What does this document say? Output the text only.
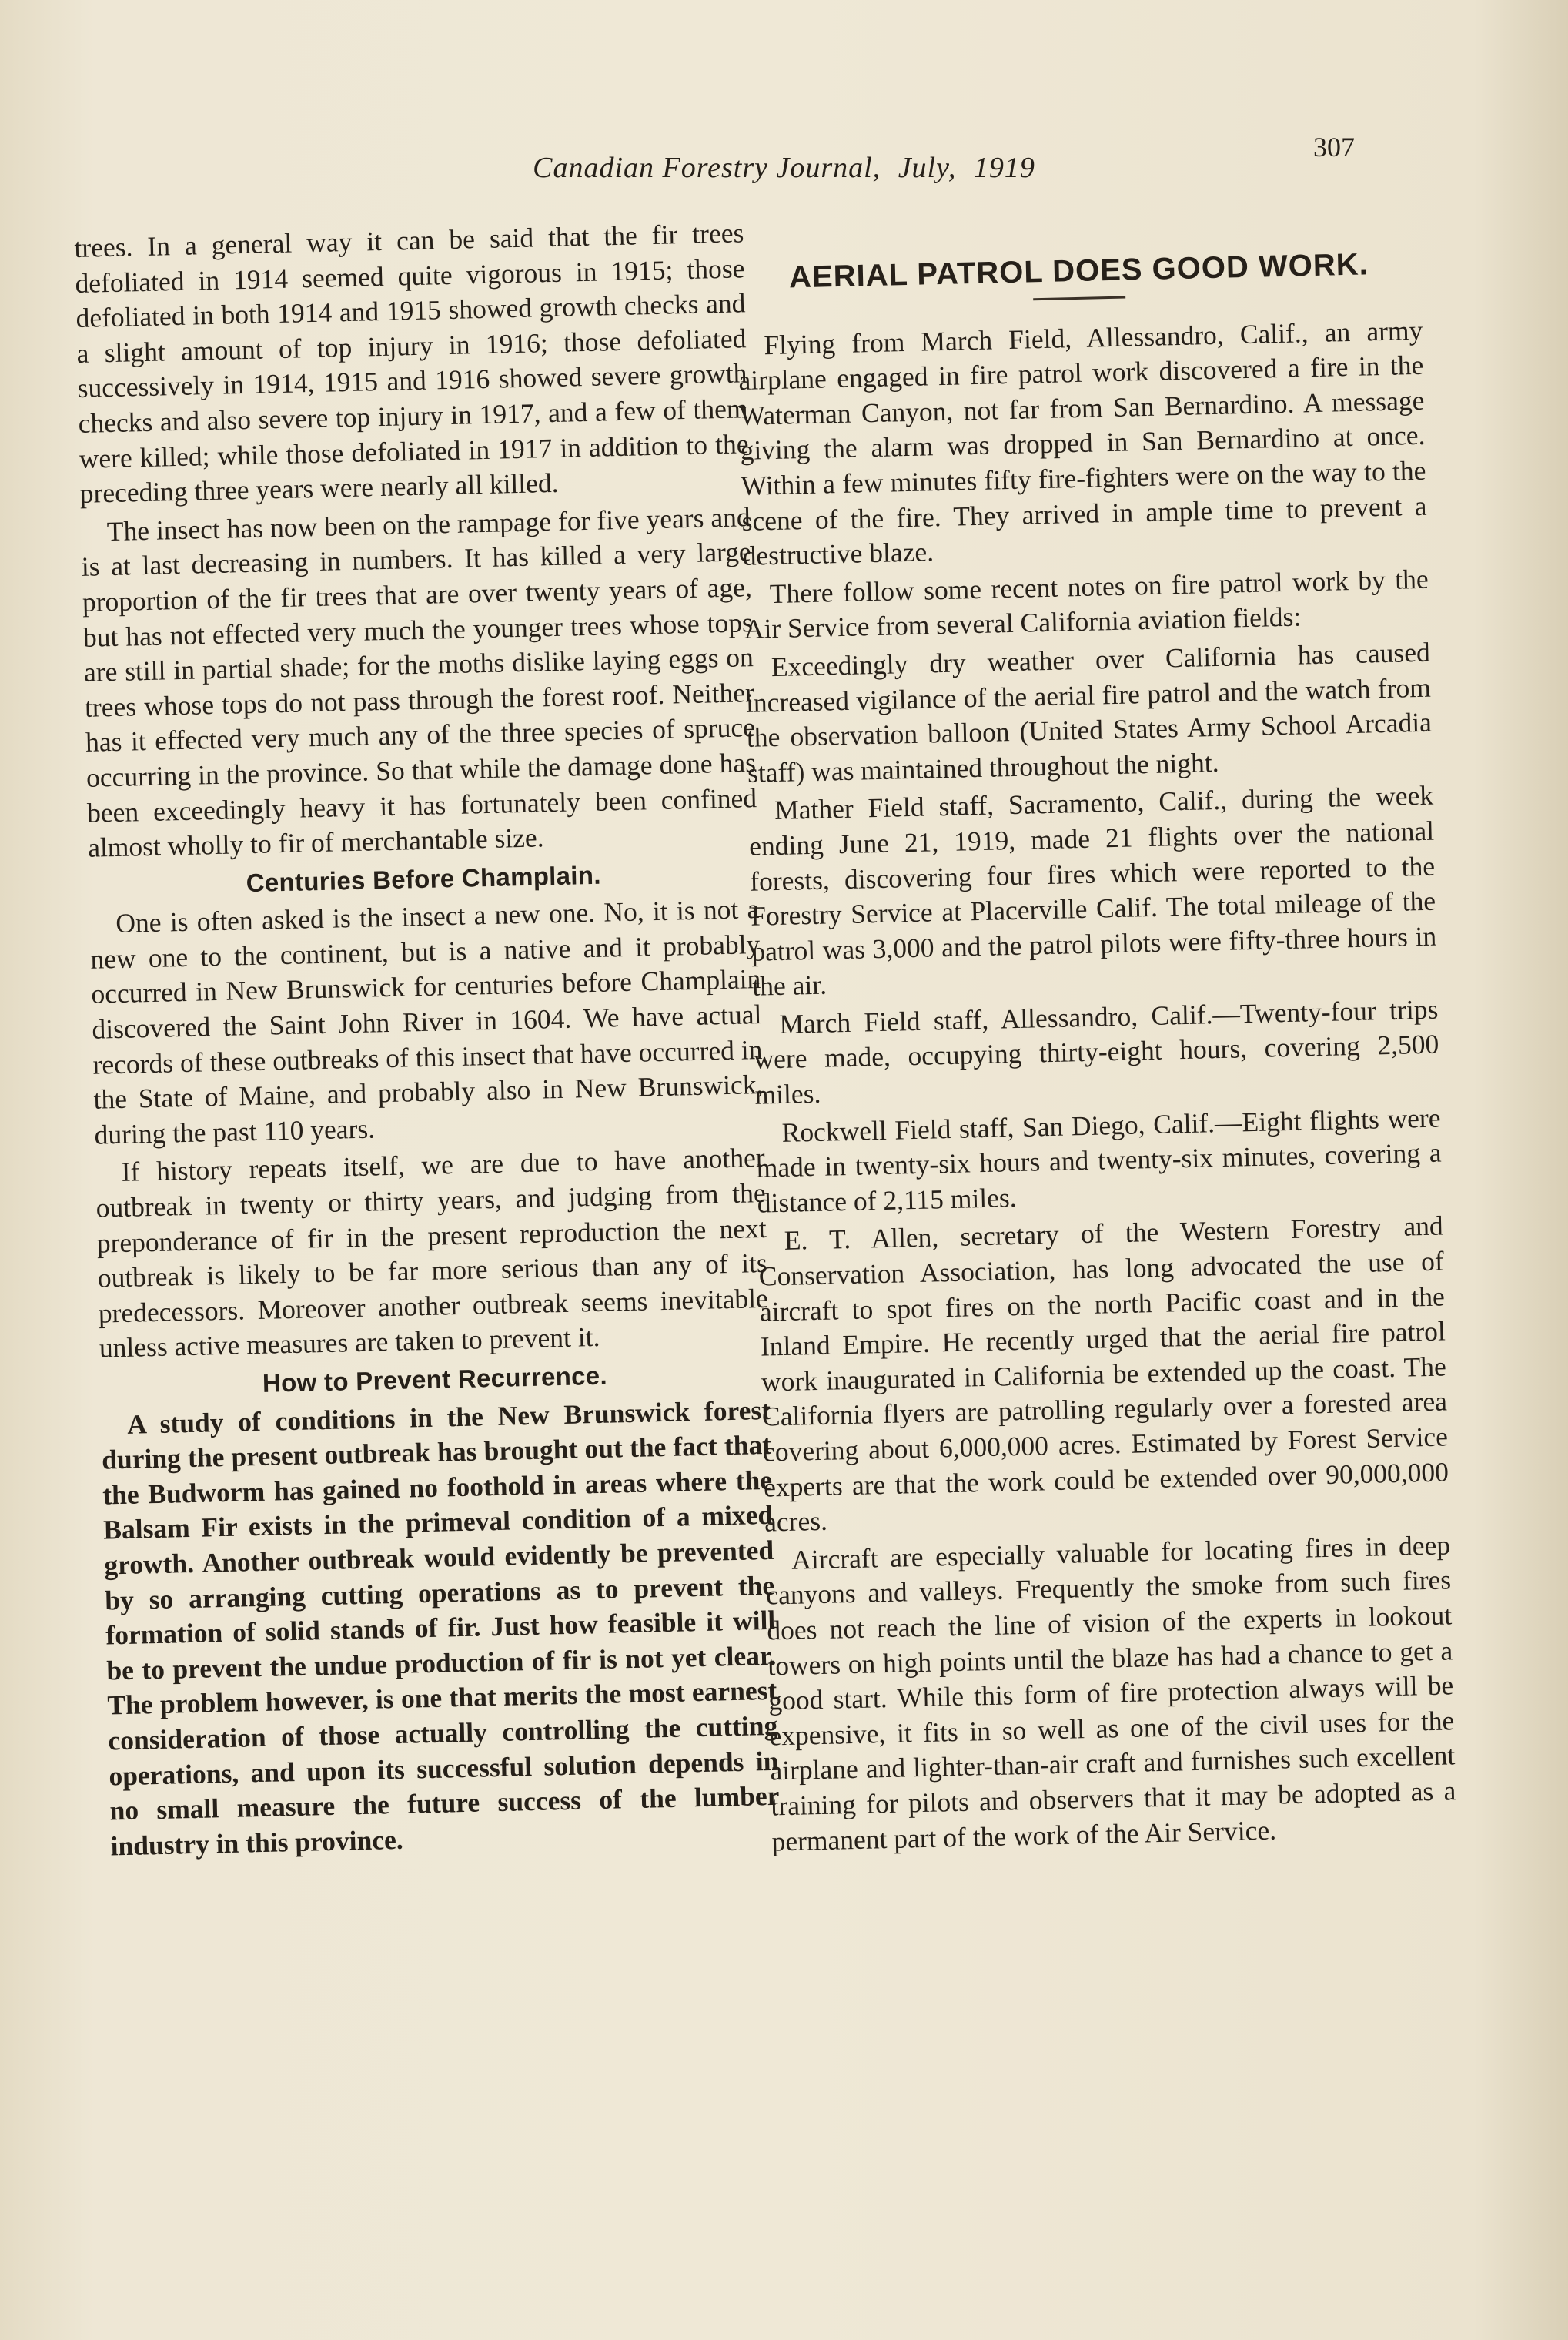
Canadian Forestry Journal, July, 1919
307

trees. In a general way it can be said that the fir trees defoliated in 1914 seemed quite vigorous in 1915; those defoliated in both 1914 and 1915 showed growth checks and a slight amount of top injury in 1916; those defoliated successively in 1914, 1915 and 1916 showed severe growth checks and also severe top injury in 1917, and a few of them were killed; while those defoliated in 1917 in addition to the preceding three years were nearly all killed.

The insect has now been on the rampage for five years and is at last decreasing in numbers. It has killed a very large proportion of the fir trees that are over twenty years of age, but has not effected very much the younger trees whose tops are still in partial shade; for the moths dislike laying eggs on trees whose tops do not pass through the forest roof. Neither has it effected very much any of the three species of spruce occurring in the province. So that while the damage done has been exceedingly heavy it has fortunately been confined almost wholly to fir of merchantable size.

Centuries Before Champlain.

One is often asked is the insect a new one. No, it is not a new one to the continent, but is a native and it probably occurred in New Brunswick for centuries before Champlain discovered the Saint John River in 1604. We have actual records of these outbreaks of this insect that have occurred in the State of Maine, and probably also in New Brunswick, during the past 110 years.

If history repeats itself, we are due to have another outbreak in twenty or thirty years, and judging from the preponderance of fir in the present reproduction the next outbreak is likely to be far more serious than any of its predecessors. Moreover another outbreak seems inevitable unless active measures are taken to prevent it.

How to Prevent Recurrence.

A study of conditions in the New Brunswick forest during the present outbreak has brought out the fact that the Budworm has gained no foothold in areas where the Balsam Fir exists in the primeval condition of a mixed growth. Another outbreak would evidently be prevented by so arranging cutting operations as to prevent the formation of solid stands of fir. Just how feasible it will be to prevent the undue production of fir is not yet clear. The problem however, is one that merits the most earnest consideration of those actually controlling the cutting operations, and upon its successful solution depends in no small measure the future success of the lumber industry in this province.

AERIAL PATROL DOES GOOD WORK.

Flying from March Field, Allessandro, Calif., an army airplane engaged in fire patrol work discovered a fire in the Waterman Canyon, not far from San Bernardino. A message giving the alarm was dropped in San Bernardino at once. Within a few minutes fifty fire-fighters were on the way to the scene of the fire. They arrived in ample time to prevent a destructive blaze.

There follow some recent notes on fire patrol work by the Air Service from several California aviation fields:

Exceedingly dry weather over California has caused increased vigilance of the aerial fire patrol and the watch from the observation balloon (United States Army School Arcadia staff) was maintained throughout the night.

Mather Field staff, Sacramento, Calif., during the week ending June 21, 1919, made 21 flights over the national forests, discovering four fires which were reported to the Forestry Service at Placerville Calif. The total mileage of the patrol was 3,000 and the patrol pilots were fifty-three hours in the air.

March Field staff, Allessandro, Calif.—Twenty-four trips were made, occupying thirty-eight hours, covering 2,500 miles.

Rockwell Field staff, San Diego, Calif.—Eight flights were made in twenty-six hours and twenty-six minutes, covering a distance of 2,115 miles.

E. T. Allen, secretary of the Western Forestry and Conservation Association, has long advocated the use of aircraft to spot fires on the north Pacific coast and in the Inland Empire. He recently urged that the aerial fire patrol work inaugurated in California be extended up the coast. The California flyers are patrolling regularly over a forested area covering about 6,000,000 acres. Estimated by Forest Service experts are that the work could be extended over 90,000,000 acres.

Aircraft are especially valuable for locating fires in deep canyons and valleys. Frequently the smoke from such fires does not reach the line of vision of the experts in lookout towers on high points until the blaze has had a chance to get a good start. While this form of fire protection always will be expensive, it fits in so well as one of the civil uses for the airplane and lighter-than-air craft and furnishes such excellent training for pilots and observers that it may be adopted as a permanent part of the work of the Air Service.
